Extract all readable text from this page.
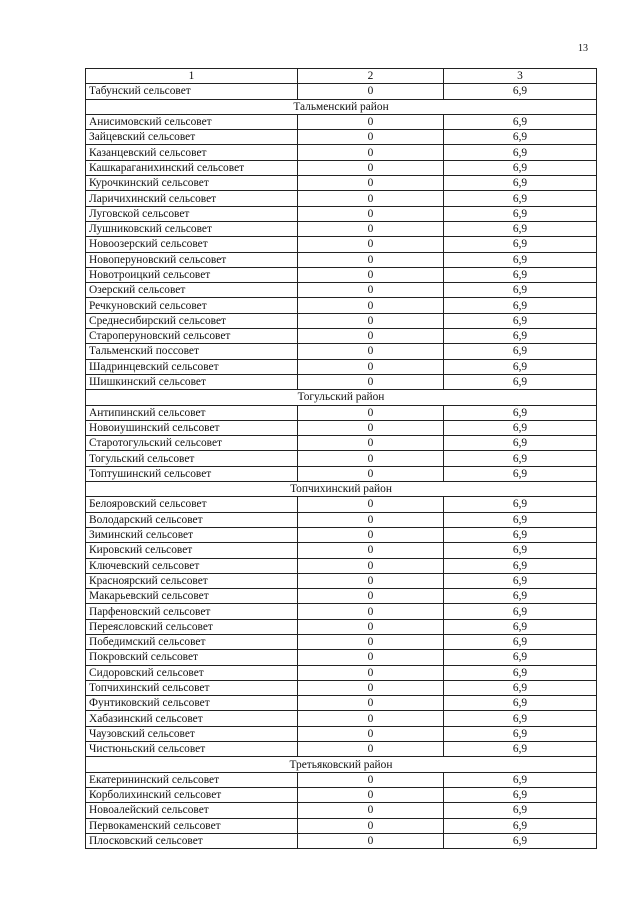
13
1	2	3
Табунский сельсовет	0	6,9
Тальменский район		
Анисимовский сельсовет	0	6,9
Зайцевский сельсовет	0	6,9
Казанцевский сельсовет	0	6,9
Кашкараганихинский сельсовет	0	6,9
Курочкинский сельсовет	0	6,9
Ларичихинский сельсовет	0	6,9
Луговской сельсовет	0	6,9
Лушниковский сельсовет	0	6,9
Новоозерский сельсовет	0	6,9
Новоперуновский сельсовет	0	6,9
Новотроицкий сельсовет	0	6,9
Озерский сельсовет	0	6,9
Речкуновский сельсовет	0	6,9
Среднесибирский сельсовет	0	6,9
Староперуновский сельсовет	0	6,9
Тальменский поссовет	0	6,9
Шадринцевский сельсовет	0	6,9
Шишкинский сельсовет	0	6,9
Тогульский район		
Антипинский сельсовет	0	6,9
Новоиушинский сельсовет	0	6,9
Старотогульский сельсовет	0	6,9
Тогульский сельсовет	0	6,9
Топтушинский сельсовет	0	6,9
Топчихинский район		
Белояровский сельсовет	0	6,9
Володарский сельсовет	0	6,9
Зиминский сельсовет	0	6,9
Кировский сельсовет	0	6,9
Ключевский сельсовет	0	6,9
Красноярский сельсовет	0	6,9
Макарьевский сельсовет	0	6,9
Парфеновский сельсовет	0	6,9
Переясловский сельсовет	0	6,9
Победимский сельсовет	0	6,9
Покровский сельсовет	0	6,9
Сидоровский сельсовет	0	6,9
Топчихинский сельсовет	0	6,9
Фунтиковский сельсовет	0	6,9
Хабазинский сельсовет	0	6,9
Чаузовский сельсовет	0	6,9
Чистюньский сельсовет	0	6,9
Третьяковский район		
Екатерининский сельсовет	0	6,9
Корболихинский сельсовет	0	6,9
Новоалейский сельсовет	0	6,9
Первокаменский сельсовет	0	6,9
Плосковский сельсовет	0	6,9
